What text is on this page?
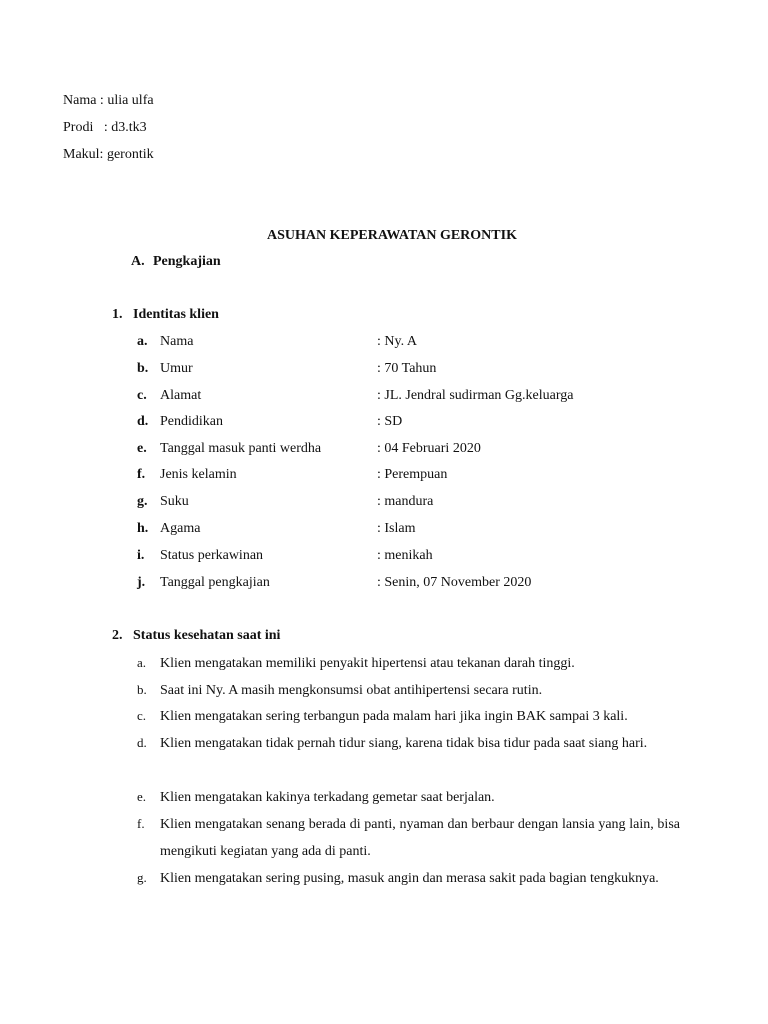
Nama : ulia ulfa
Prodi   : d3.tk3
Makul: gerontik
ASUHAN KEPERAWATAN GERONTIK
A. Pengkajian
1. Identitas klien
a. Nama	: Ny. A
b. Umur	: 70 Tahun
c. Alamat	: JL. Jendral sudirman Gg.keluarga
d. Pendidikan	: SD
e. Tanggal masuk panti werdha	: 04 Februari 2020
f. Jenis kelamin	: Perempuan
g. Suku	: mandura
h. Agama	: Islam
i. Status perkawinan	: menikah
j. Tanggal pengkajian	: Senin, 07 November 2020
2. Status kesehatan saat ini
a. Klien mengatakan memiliki penyakit hipertensi atau tekanan darah tinggi.
b. Saat ini Ny. A masih mengkonsumsi obat antihipertensi secara rutin.
c. Klien mengatakan sering terbangun pada malam hari jika ingin BAK sampai 3 kali.
d. Klien mengatakan tidak pernah tidur siang, karena tidak bisa tidur pada saat siang hari.
e. Klien mengatakan kakinya terkadang gemetar saat berjalan.
f. Klien mengatakan senang berada di panti, nyaman dan berbaur dengan lansia yang lain, bisa mengikuti kegiatan yang ada di panti.
g. Klien mengatakan sering pusing, masuk angin dan merasa sakit pada bagian tengkuknya.
